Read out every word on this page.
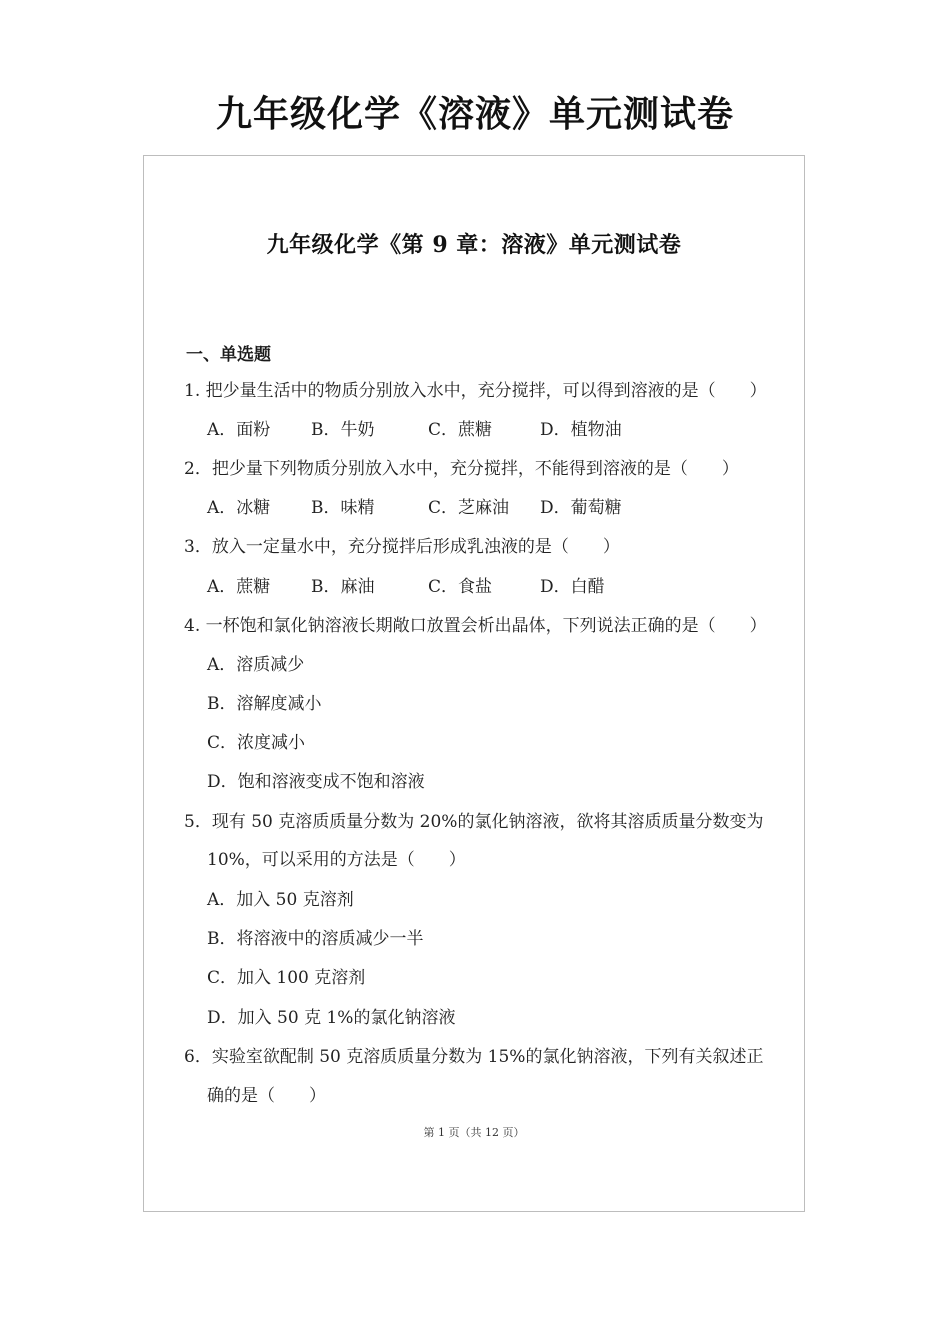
九年级化学《溶液》单元测试卷
九年级化学《第 9 章：溶液》单元测试卷
一、单选题
1. 把少量生活中的物质分别放入水中，充分搅拌，可以得到溶液的是（　　）
A．面粉 B．牛奶	C．蔗糖	D．植物油
2．把少量下列物质分别放入水中，充分搅拌，不能得到溶液的是（　　）
A．冰糖 B．味精	C．芝麻油 D．葡萄糖
3．放入一定量水中，充分搅拌后形成乳浊液的是（　　）
A．蔗糖 B．麻油	C．食盐	D．白醋
4. 一杯饱和氯化钠溶液长期敞口放置会析出晶体，下列说法正确的是（　　）
A．溶质减少
B．溶解度减小
C．浓度减小
D．饱和溶液变成不饱和溶液
5．现有 50 克溶质质量分数为 20%的氯化钠溶液，欲将其溶质质量分数变为
10%，可以采用的方法是（　　）
A．加入 50 克溶剂
B．将溶液中的溶质减少一半
C．加入 100 克溶剂
D．加入 50 克 1%的氯化钠溶液
6．实验室欲配制 50 克溶质质量分数为 15%的氯化钠溶液，下列有关叙述正
确的是（　　）
第 1 页（共 12 页）
